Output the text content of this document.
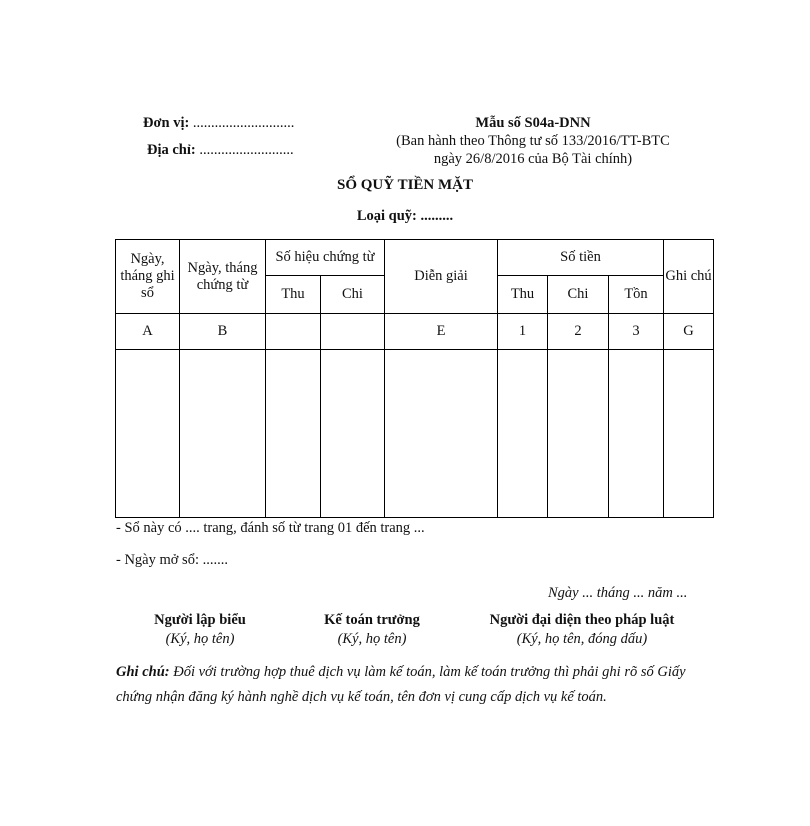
Đơn vị: ............................
Địa chỉ: ..........................
Mẫu số S04a-DNN
(Ban hành theo Thông tư số 133/2016/TT-BTC
ngày 26/8/2016 của Bộ Tài chính)
SỔ QUỸ TIỀN MẶT
Loại quỹ: .........
Ngày, tháng ghi sổ	Ngày, tháng chứng từ	Số hiệu chứng từ		Diễn giải	Số tiền			Ghi chú
		Thu	Chi		Thu	Chi	Tồn	
A	B			E	1	2	3	G

- Sổ này có .... trang, đánh số từ trang 01 đến trang ...
- Ngày mở sổ: .......
Ngày ... tháng ... năm ...
Người lập biểu
(Ký, họ tên)
Kế toán trưởng
(Ký, họ tên)
Người đại diện theo pháp luật
(Ký, họ tên, đóng dấu)
Ghi chú: Đối với trường hợp thuê dịch vụ làm kế toán, làm kế toán trưởng thì phải ghi rõ số Giấy chứng nhận đăng ký hành nghề dịch vụ kế toán, tên đơn vị cung cấp dịch vụ kế toán.
